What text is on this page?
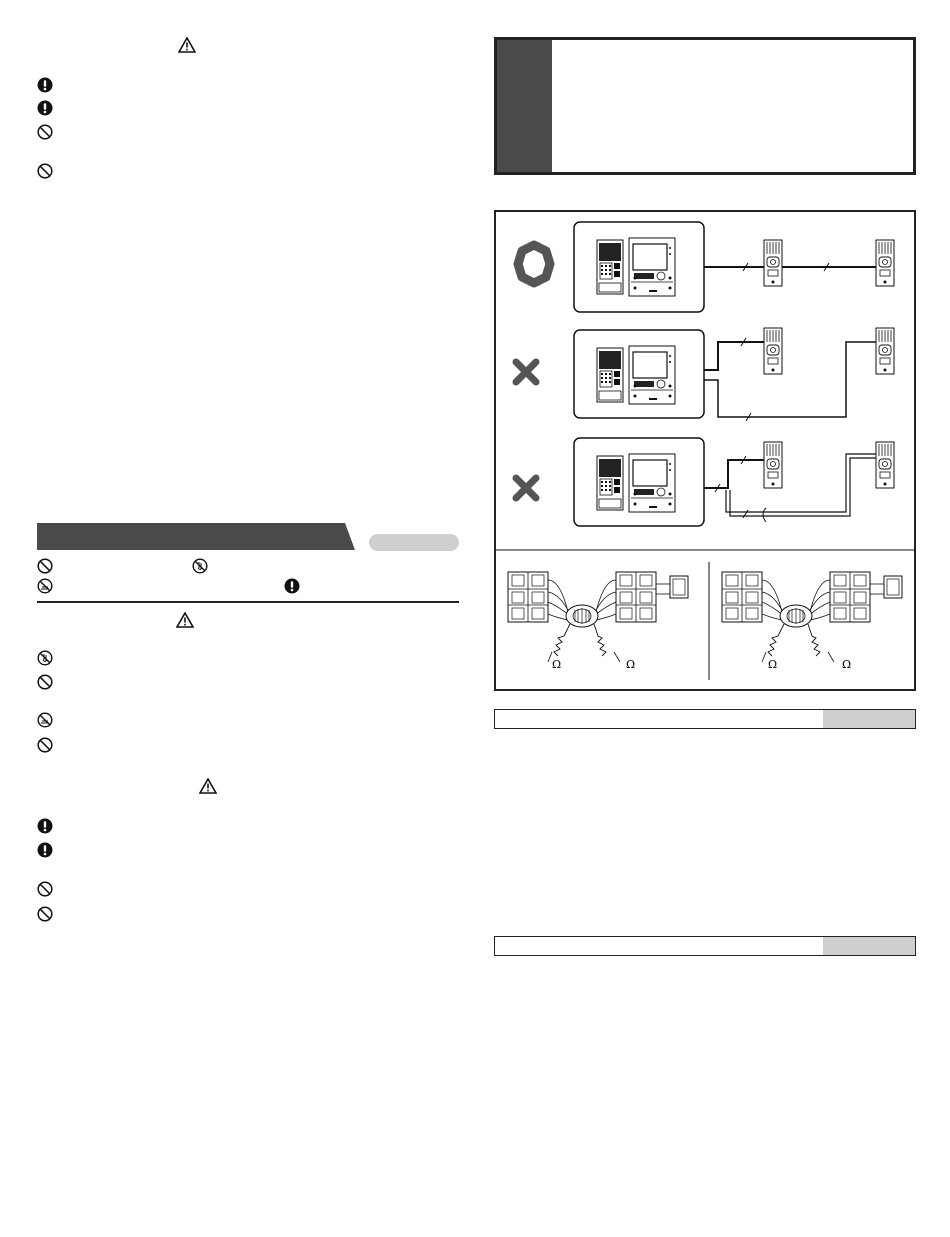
Ω	Ω	Ω	Ω
